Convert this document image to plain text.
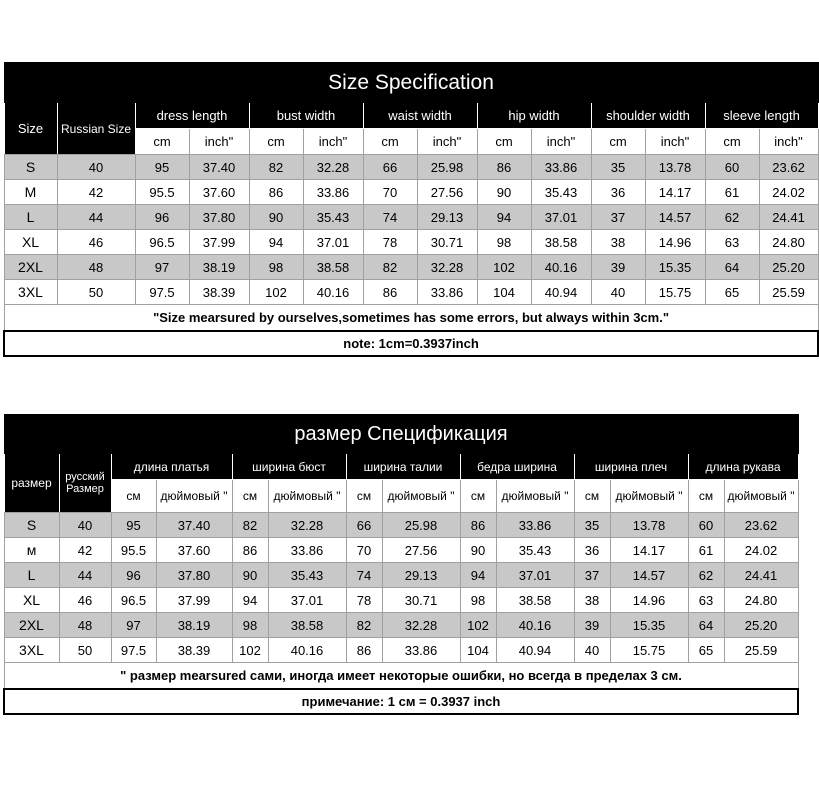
Size Specification													
Size	Russian Size	dress length		bust width		waist width		hip width		shoulder width		sleeve length	
		cm	inch"	cm	inch"	cm	inch"	cm	inch"	cm	inch"	cm	inch"
S	40	95	37.40	82	32.28	66	25.98	86	33.86	35	13.78	60	23.62
M	42	95.5	37.60	86	33.86	70	27.56	90	35.43	36	14.17	61	24.02
L	44	96	37.80	90	35.43	74	29.13	94	37.01	37	14.57	62	24.41
XL	46	96.5	37.99	94	37.01	78	30.71	98	38.58	38	14.96	63	24.80
2XL	48	97	38.19	98	38.58	82	32.28	102	40.16	39	15.35	64	25.20
3XL	50	97.5	38.39	102	40.16	86	33.86	104	40.94	40	15.75	65	25.59
"Size mearsured by ourselves,sometimes has some errors, but always within 3cm."													
note: 1cm=0.3937inch													
размер Спецификация													
размер	русский Размер	длина платья		ширина бюст		ширина талии		бедра ширина		ширина плеч		длина рукава	
		см	дюймовый "	см	дюймовый "	см	дюймовый "	см	дюймовый "	см	дюймовый "	см	дюймовый "
S	40	95	37.40	82	32.28	66	25.98	86	33.86	35	13.78	60	23.62
м	42	95.5	37.60	86	33.86	70	27.56	90	35.43	36	14.17	61	24.02
L	44	96	37.80	90	35.43	74	29.13	94	37.01	37	14.57	62	24.41
XL	46	96.5	37.99	94	37.01	78	30.71	98	38.58	38	14.96	63	24.80
2XL	48	97	38.19	98	38.58	82	32.28	102	40.16	39	15.35	64	25.20
3XL	50	97.5	38.39	102	40.16	86	33.86	104	40.94	40	15.75	65	25.59
" размер mearsured сами, иногда имеет некоторые ошибки, но всегда в пределах 3 см.													
примечание: 1 см = 0.3937 inch													
